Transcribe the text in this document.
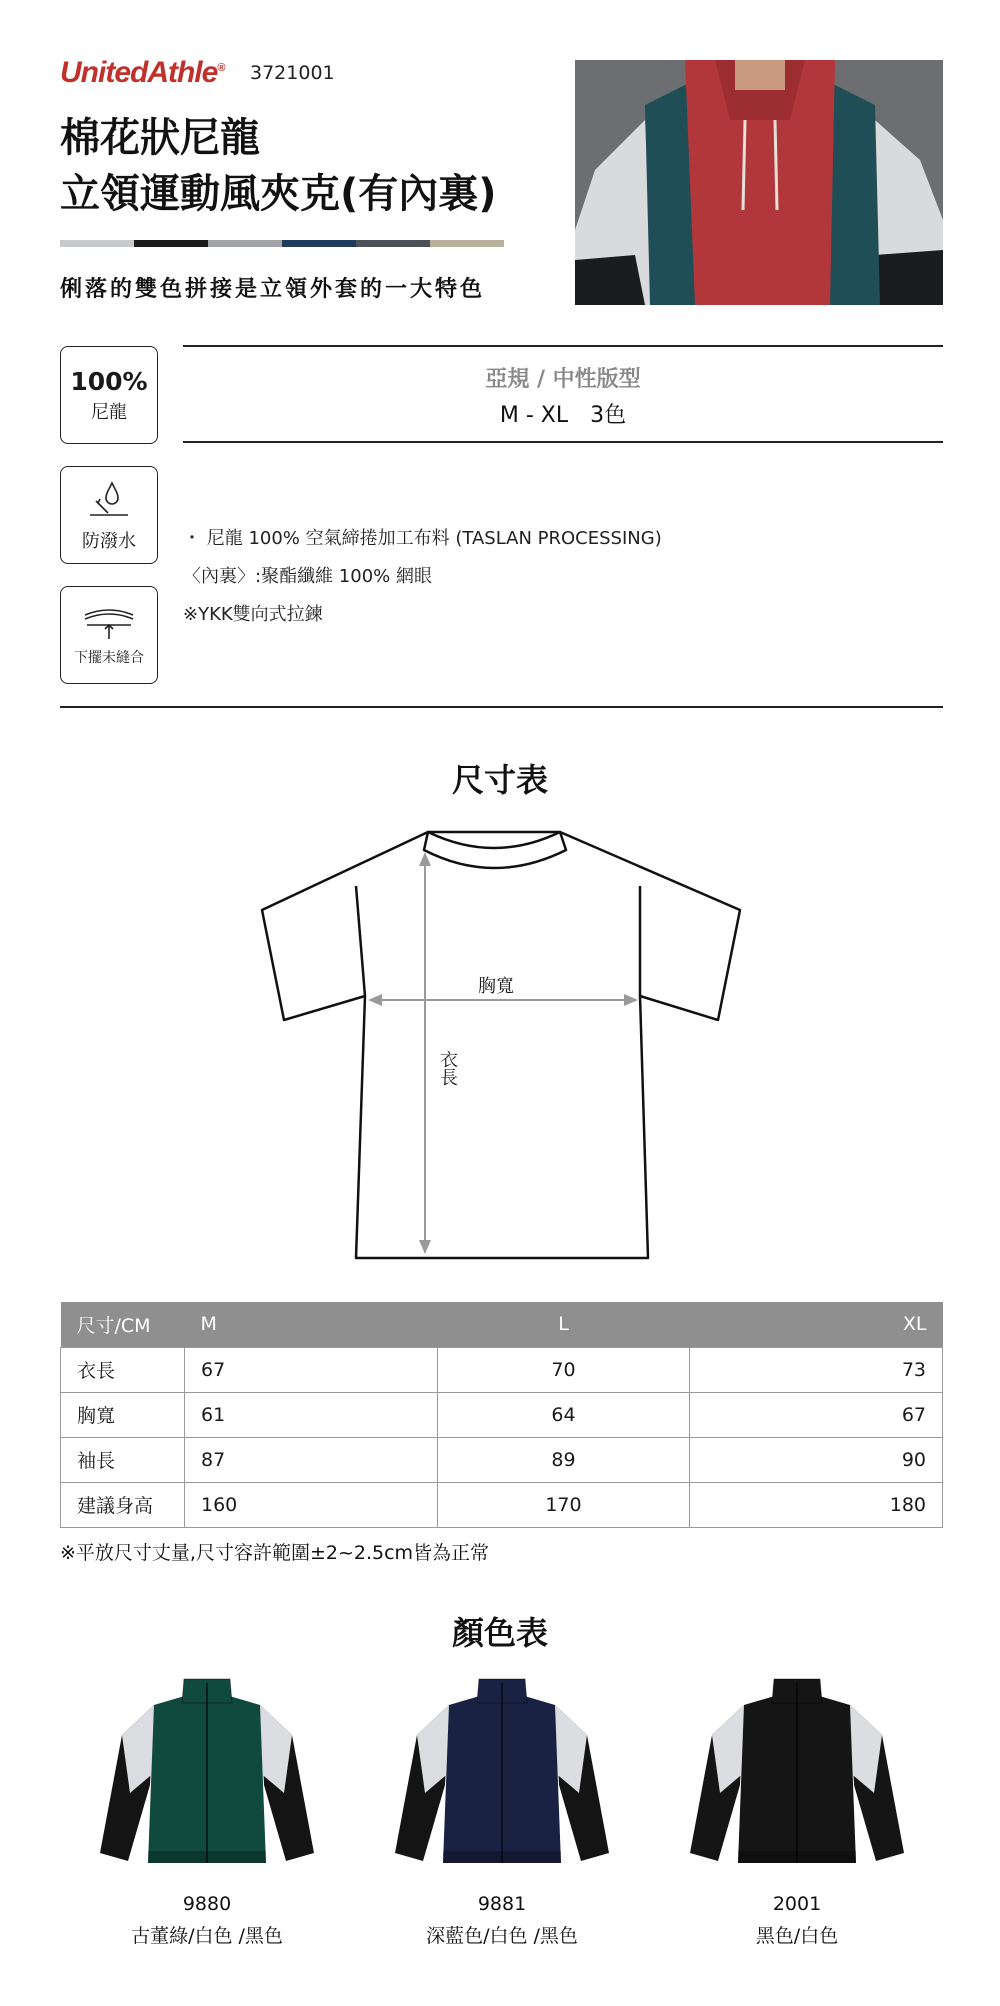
UnitedAthle® 3721001
棉花狀尼龍
立領運動風夾克(有內裏)
俐落的雙色拼接是立領外套的一大特色
100%
尼龍
防潑水
下擺未縫合
亞規 / 中性版型
M - XL　3色
・ 尼龍 100% 空氣締捲加工布料 (TASLAN PROCESSING)
〈內裏〉:聚酯纖維 100% 網眼
※YKK雙向式拉鍊
尺寸表
胸寬
衣長
尺寸/CM	M	L	XL
衣長	67	70	73
胸寬	61	64	67
袖長	87	89	90
建議身高	160	170	180
※平放尺寸丈量,尺寸容許範圍±2~2.5cm皆為正常
顏色表
9880
古董綠/白色 /黑色
9881
深藍色/白色 /黑色
2001
黑色/白色
